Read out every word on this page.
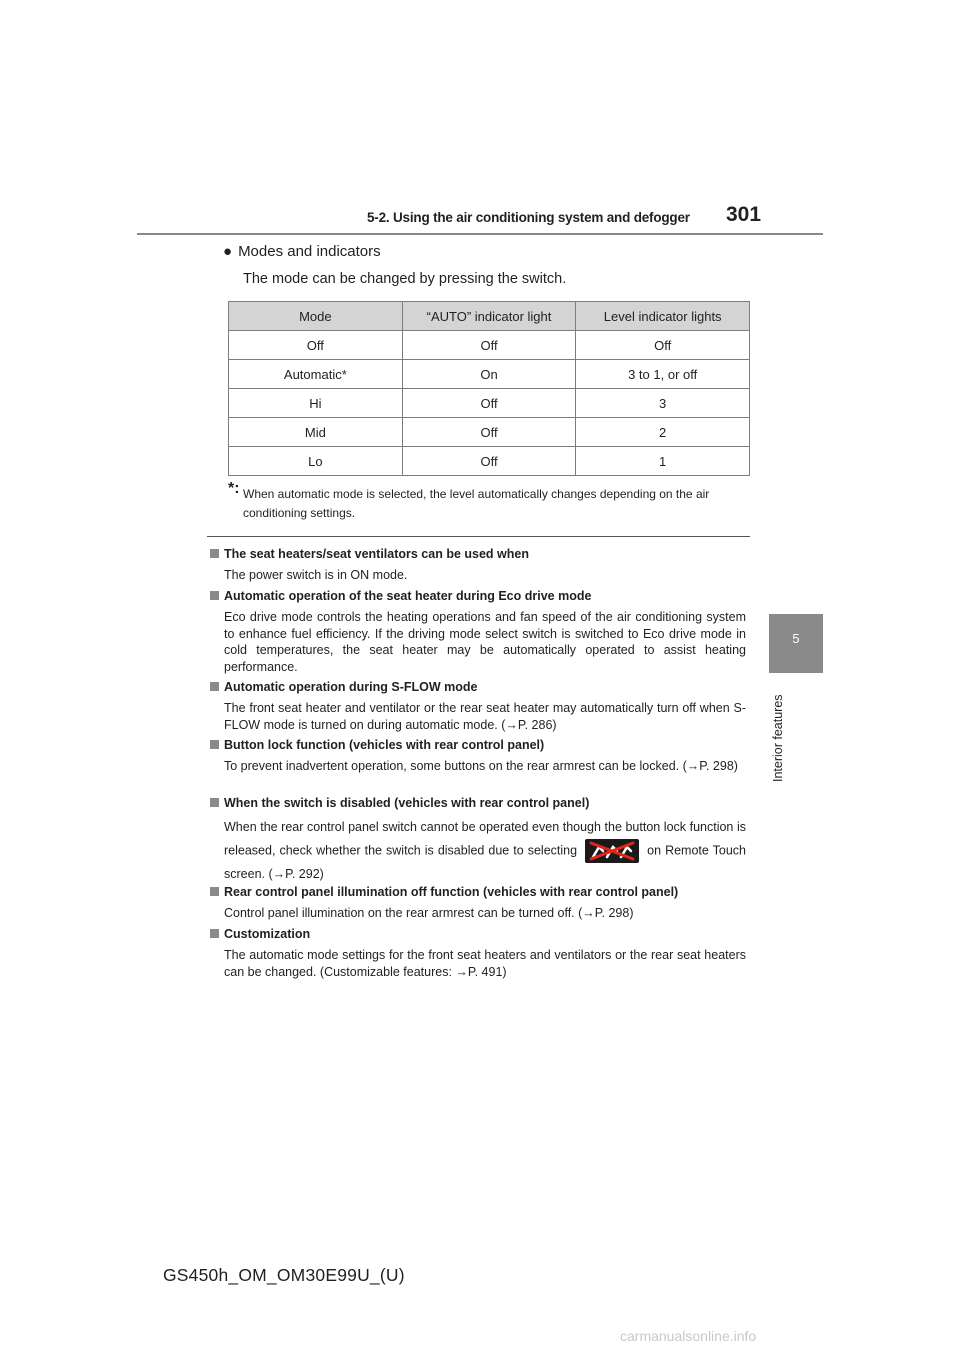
5-2. Using the air conditioning system and defogger 301
5
Interior features
● Modes and indicators
The mode can be changed by pressing the switch.
Mode	“AUTO” indicator light	Level indicator lights
Off	Off	Off
Automatic*	On	3 to 1, or off
Hi	Off	3
Mid	Off	2
Lo	Off	1
*: When automatic mode is selected, the level automatically changes depending on the air conditioning settings.
The seat heaters/seat ventilators can be used when
The power switch is in ON mode.
Automatic operation of the seat heater during Eco drive mode
Eco drive mode controls the heating operations and fan speed of the air conditioning system to enhance fuel efficiency. If the driving mode select switch is switched to Eco drive mode in cold temperatures, the seat heater may be automatically operated to assist heating performance.
Automatic operation during S-FLOW mode
The front seat heater and ventilator or the rear seat heater may automatically turn off when S-FLOW mode is turned on during automatic mode. (→P. 286)
Button lock function (vehicles with rear control panel)
To prevent inadvertent operation, some buttons on the rear armrest can be locked. (→P. 298)
When the switch is disabled (vehicles with rear control panel)
When the rear control panel switch cannot be operated even though the button lock function is released, check whether the switch is disabled due to selecting	on Remote Touch screen. (→P. 292)
Rear control panel illumination off function (vehicles with rear control panel)
Control panel illumination on the rear armrest can be turned off. (→P. 298)
Customization
The automatic mode settings for the front seat heaters and ventilators or the rear seat heaters can be changed. (Customizable features: →P. 491)
GS450h_OM_OM30E99U_(U)
carmanualsonline.info
